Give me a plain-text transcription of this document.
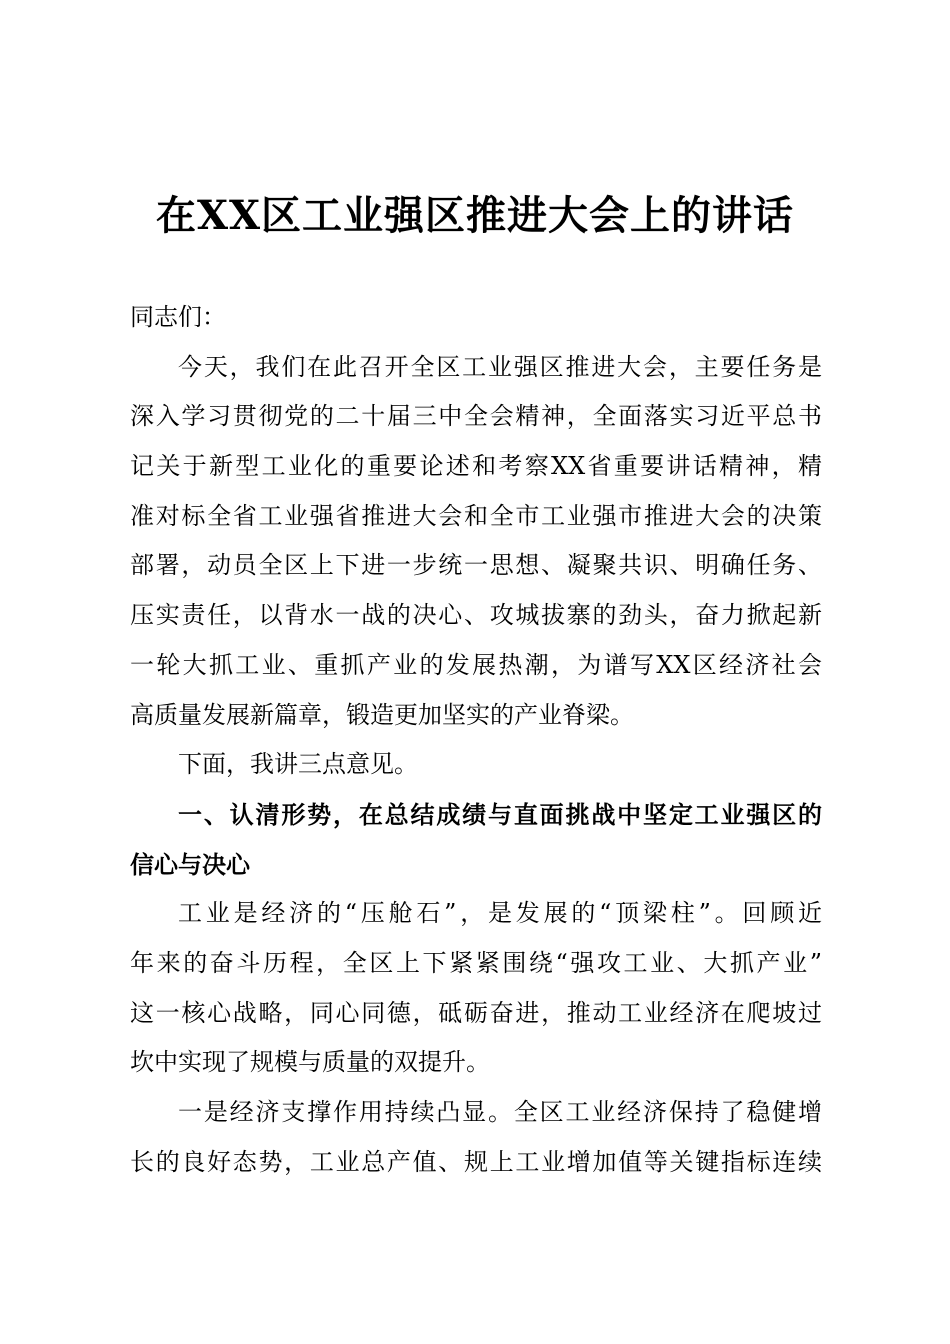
在XX区工业强区推进大会上的讲话
同志们：
今天，我们在此召开全区工业强区推进大会，主要任务是
深入学习贯彻党的二十届三中全会精神，全面落实习近平总书
记关于新型工业化的重要论述和考察XX省重要讲话精神，精
准对标全省工业强省推进大会和全市工业强市推进大会的决策
部署，动员全区上下进一步统一思想、凝聚共识、明确任务、
压实责任，以背水一战的决心、攻城拔寨的劲头，奋力掀起新
一轮大抓工业、重抓产业的发展热潮，为谱写XX区经济社会
高质量发展新篇章，锻造更加坚实的产业脊梁。
下面，我讲三点意见。
一、认清形势，在总结成绩与直面挑战中坚定工业强区的
信心与决心
工业是经济的“压舱石”，是发展的“顶梁柱”。回顾近
年来的奋斗历程，全区上下紧紧围绕“强攻工业、大抓产业”
这一核心战略，同心同德，砥砺奋进，推动工业经济在爬坡过
坎中实现了规模与质量的双提升。
一是经济支撑作用持续凸显。全区工业经济保持了稳健增
长的良好态势，工业总产值、规上工业增加值等关键指标连续
